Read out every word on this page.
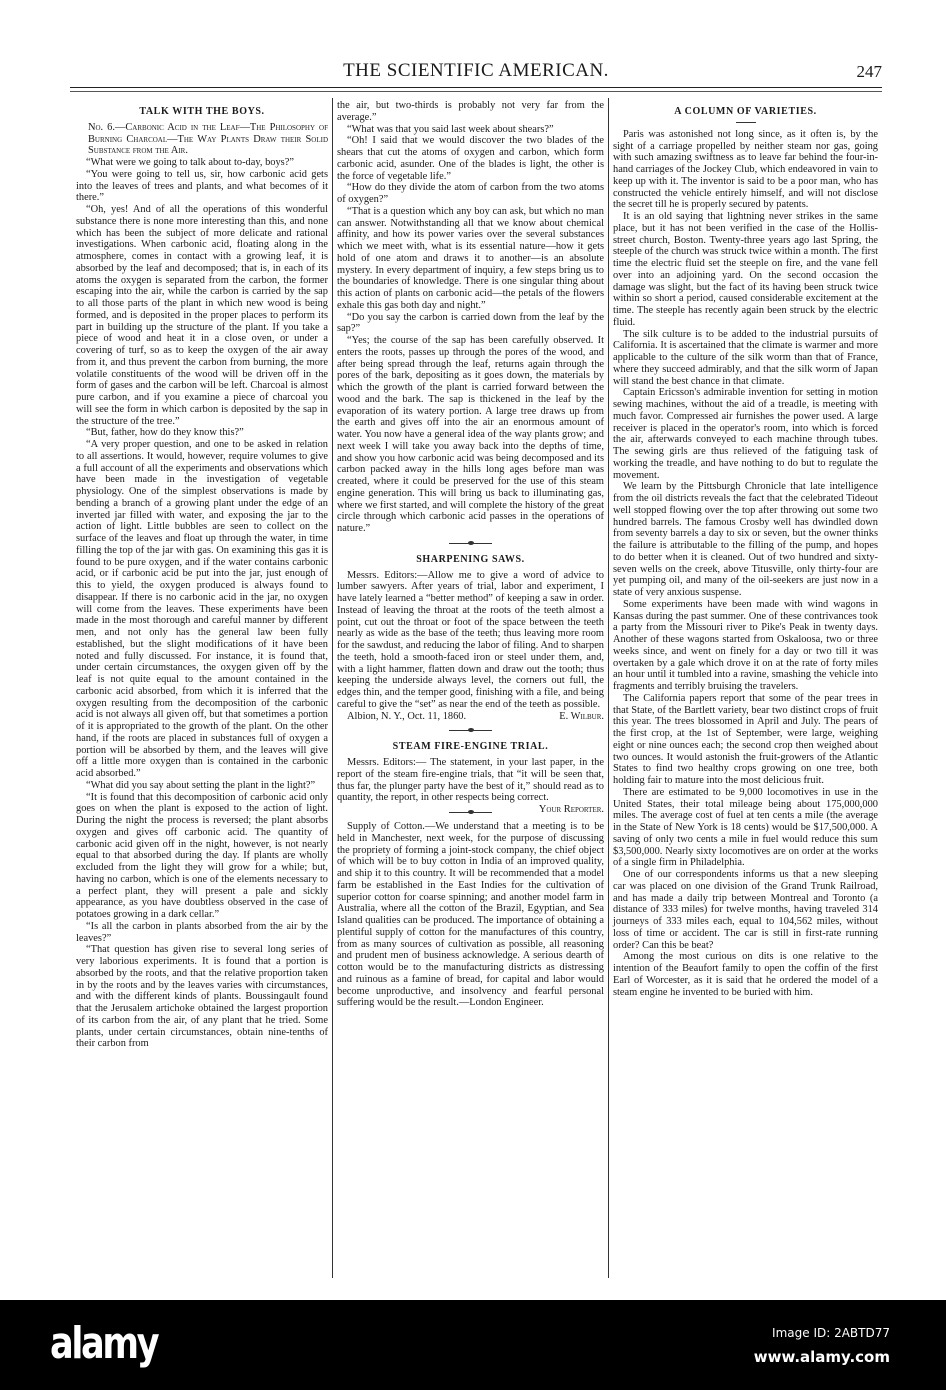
THE SCIENTIFIC AMERICAN.	247
TALK WITH THE BOYS.

No. 6.—Carbonic Acid in the Leaf—The Philosophy of Burning Charcoal—The Way Plants Draw their Solid Substance from the Air.

“What were we going to talk about to-day, boys?”

“You were going to tell us, sir, how carbonic acid gets into the leaves of trees and plants, and what becomes of it there.”

“Oh, yes! And of all the operations of this wonderful substance there is none more interesting than this, and none which has been the subject of more delicate and rational investigations. When carbonic acid, floating along in the atmosphere, comes in contact with a growing leaf, it is absorbed by the leaf and decomposed; that is, in each of its atoms the oxygen is separated from the carbon, the former escaping into the air, while the carbon is carried by the sap to all those parts of the plant in which new wood is being formed, and is deposited in the proper places to perform its part in building up the structure of the plant. If you take a piece of wood and heat it in a close oven, or under a covering of turf, so as to keep the oxygen of the air away from it, and thus prevent the carbon from burning, the more volatile constituents of the wood will be driven off in the form of gases and the carbon will be left. Charcoal is almost pure carbon, and if you examine a piece of charcoal you will see the form in which carbon is deposited by the sap in the structure of the tree.”

“But, father, how do they know this?”

“A very proper question, and one to be asked in relation to all assertions. It would, however, require volumes to give a full account of all the experiments and observations which have been made in the investigation of vegetable physiology. One of the simplest observations is made by bending a branch of a growing plant under the edge of an inverted jar filled with water, and exposing the jar to the action of light. Little bubbles are seen to collect on the surface of the leaves and float up through the water, in time filling the top of the jar with gas. On examining this gas it is found to be pure oxygen, and if the water contains carbonic acid, or if carbonic acid be put into the jar, just enough of this to yield, the oxygen produced is always found to disappear. If there is no carbonic acid in the jar, no oxygen will come from the leaves. These experiments have been made in the most thorough and careful manner by different men, and not only has the general law been fully established, but the slight modifications of it have been noted and fully discussed. For instance, it is found that, under certain circumstances, the oxygen given off by the leaf is not quite equal to the amount contained in the carbonic acid absorbed, from which it is inferred that the oxygen resulting from the decomposition of the carbonic acid is not always all given off, but that sometimes a portion of it is appropriated to the growth of the plant. On the other hand, if the roots are placed in substances full of oxygen a portion will be absorbed by them, and the leaves will give off a little more oxygen than is contained in the carbonic acid absorbed.”

“What did you say about setting the plant in the light?”

“It is found that this decomposition of carbonic acid only goes on when the plant is exposed to the action of light. During the night the process is reversed; the plant absorbs oxygen and gives off carbonic acid. The quantity of carbonic acid given off in the night, however, is not nearly equal to that absorbed during the day. If plants are wholly excluded from the light they will grow for a while; but, having no carbon, which is one of the elements necessary to a perfect plant, they will present a pale and sickly appearance, as you have doubtless observed in the case of potatoes growing in a dark cellar.”

“Is all the carbon in plants absorbed from the air by the leaves?”

“That question has given rise to several long series of very laborious experiments. It is found that a portion is absorbed by the roots, and that the relative proportion taken in by the roots and by the leaves varies with circumstances, and with the different kinds of plants. Boussingault found that the Jerusalem artichoke obtained the largest proportion of its carbon from the air, of any plant that he tried. Some plants, under certain circumstances, obtain nine-tenths of their carbon from

the air, but two-thirds is probably not very far from the average.”

“What was that you said last week about shears?”

“Oh! I said that we would discover the two blades of the shears that cut the atoms of oxygen and carbon, which form carbonic acid, asunder. One of the blades is light, the other is the force of vegetable life.”

“How do they divide the atom of carbon from the two atoms of oxygen?”

“That is a question which any boy can ask, but which no man can answer. Notwithstanding all that we know about chemical affinity, and how its power varies over the several substances which we meet with, what is its essential nature—how it gets hold of one atom and draws it to another—is an absolute mystery. In every department of inquiry, a few steps bring us to the boundaries of knowledge. There is one singular thing about this action of plants on carbonic acid—the petals of the flowers exhale this gas both day and night.”

“Do you say the carbon is carried down from the leaf by the sap?”

“Yes; the course of the sap has been carefully observed. It enters the roots, passes up through the pores of the wood, and after being spread through the leaf, returns again through the pores of the bark, depositing as it goes down, the materials by which the growth of the plant is carried forward between the wood and the bark. The sap is thickened in the leaf by the evaporation of its watery portion. A large tree draws up from the earth and gives off into the air an enormous amount of water. You now have a general idea of the way plants grow; and next week I will take you away back into the depths of time, and show you how carbonic acid was being decomposed and its carbon packed away in the hills long ages before man was created, where it could be preserved for the use of this steam engine generation. This will bring us back to illuminating gas, where we first started, and will complete the history of the great circle through which carbonic acid passes in the operations of nature.”

SHARPENING SAWS.

Messrs. Editors:—Allow me to give a word of advice to lumber sawyers. After years of trial, labor and experiment, I have lately learned a “better method” of keeping a saw in order. Instead of leaving the throat at the roots of the teeth almost a point, cut out the throat or foot of the space between the teeth nearly as wide as the base of the teeth; thus leaving more room for the sawdust, and reducing the labor of filing. And to sharpen the teeth, hold a smooth-faced iron or steel under them, and, with a light hammer, flatten down and draw out the tooth; thus keeping the underside always level, the corners out full, the edges thin, and the temper good, finishing with a file, and being careful to give the “set” as near the end of the teeth as possible.
E. Wilbur.

Albion, N. Y., Oct. 11, 1860.

STEAM FIRE-ENGINE TRIAL.

Messrs. Editors:— The statement, in your last paper, in the report of the steam fire-engine trials, that “it will be seen that, thus far, the plunger party have the best of it,” should read as to quantity, the report, in other respects being correct.
Your Reporter.

Supply of Cotton.—We understand that a meeting is to be held in Manchester, next week, for the purpose of discussing the propriety of forming a joint-stock company, the chief object of which will be to buy cotton in India of an improved quality, and ship it to this country. It will be recommended that a model farm be established in the East Indies for the cultivation of superior cotton for coarse spinning; and another model farm in Australia, where all the cotton of the Brazil, Egyptian, and Sea Island qualities can be produced. The importance of obtaining a plentiful supply of cotton for the manufactures of this country, from as many sources of cultivation as possible, all reasoning and prudent men of business acknowledge. A serious dearth of cotton would be to the manufacturing districts as distressing and ruinous as a famine of bread, for capital and labor would become unproductive, and insolvency and fearful personal suffering would be the result.—London Engineer.

A COLUMN OF VARIETIES.

Paris was astonished not long since, as it often is, by the sight of a carriage propelled by neither steam nor gas, going with such amazing swiftness as to leave far behind the four-in-hand carriages of the Jockey Club, which endeavored in vain to keep up with it. The inventor is said to be a poor man, who has constructed the vehicle entirely himself, and will not disclose the secret till he is properly secured by patents.

It is an old saying that lightning never strikes in the same place, but it has not been verified in the case of the Hollis-street church, Boston. Twenty-three years ago last Spring, the steeple of the church was struck twice within a month. The first time the electric fluid set the steeple on fire, and the vane fell over into an adjoining yard. On the second occasion the damage was slight, but the fact of its having been struck twice within so short a period, caused considerable excitement at the time. The steeple has recently again been struck by the electric fluid.

The silk culture is to be added to the industrial pursuits of California. It is ascertained that the climate is warmer and more applicable to the culture of the silk worm than that of France, where they succeed admirably, and that the silk worm of Japan will stand the best chance in that climate.

Captain Ericsson's admirable invention for setting in motion sewing machines, without the aid of a treadle, is meeting with much favor. Compressed air furnishes the power used. A large receiver is placed in the operator's room, into which is forced the air, afterwards conveyed to each machine through tubes. The sewing girls are thus relieved of the fatiguing task of working the treadle, and have nothing to do but to regulate the movement.

We learn by the Pittsburgh Chronicle that late intelligence from the oil districts reveals the fact that the celebrated Tideout well stopped flowing over the top after throwing out some two hundred barrels. The famous Crosby well has dwindled down from seventy barrels a day to six or seven, but the owner thinks the failure is attributable to the filling of the pump, and hopes to do better when it is cleaned. Out of two hundred and sixty-seven wells on the creek, above Titusville, only thirty-four are yet pumping oil, and many of the oil-seekers are just now in a state of very anxious suspense.

Some experiments have been made with wind wagons in Kansas during the past summer. One of these contrivances took a party from the Missouri river to Pike's Peak in twenty days. Another of these wagons started from Oskaloosa, two or three weeks since, and went on finely for a day or two till it was overtaken by a gale which drove it on at the rate of forty miles an hour until it tumbled into a ravine, smashing the vehicle into fragments and terribly bruising the travelers.

The California papers report that some of the pear trees in that State, of the Bartlett variety, bear two distinct crops of fruit this year. The trees blossomed in April and July. The pears of the first crop, at the 1st of September, were large, weighing eight or nine ounces each; the second crop then weighed about two ounces. It would astonish the fruit-growers of the Atlantic States to find two healthy crops growing on one tree, both holding fair to mature into the most delicious fruit.

There are estimated to be 9,000 locomotives in use in the United States, their total mileage being about 175,000,000 miles. The average cost of fuel at ten cents a mile (the average in the State of New York is 18 cents) would be $17,500,000. A saving of only two cents a mile in fuel would reduce this sum $3,500,000. Nearly sixty locomotives are on order at the works of a single firm in Philadelphia.

One of our correspondents informs us that a new sleeping car was placed on one division of the Grand Trunk Railroad, and has made a daily trip between Montreal and Toronto (a distance of 333 miles) for twelve months, having traveled 314 journeys of 333 miles each, equal to 104,562 miles, without loss of time or accident. The car is still in first-rate running order? Can this be beat?

Among the most curious on dits is one relative to the intention of the Beaufort family to open the coffin of the first Earl of Worcester, as it is said that he ordered the model of a steam engine he invented to be buried with him.

alamy	Image ID: 2ABTD77
www.alamy.com
